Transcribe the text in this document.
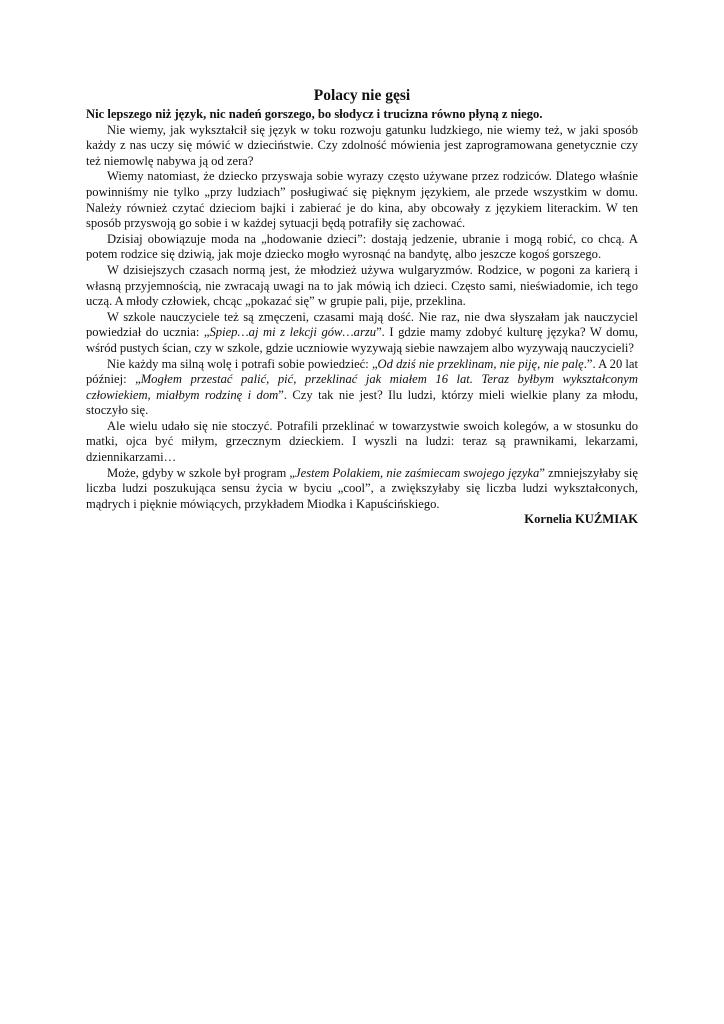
Polacy nie gęsi

Nic lepszego niż język, nic nadeń gorszego, bo słodycz i trucizna równo płyną z niego.

Nie wiemy, jak wykształcił się język w toku rozwoju gatunku ludzkiego, nie wiemy też, w jaki sposób każdy z nas uczy się mówić w dzieciństwie. Czy zdolność mówienia jest zaprogramowana genetycznie czy też niemowlę nabywa ją od zera?

Wiemy natomiast, że dziecko przyswaja sobie wyrazy często używane przez rodziców. Dlatego właśnie powinniśmy nie tylko „przy ludziach” posługiwać się pięknym językiem, ale przede wszystkim w domu. Należy również czytać dzieciom bajki i zabierać je do kina, aby obcowały z językiem literackim. W ten sposób przyswoją go sobie i w każdej sytuacji będą potrafiły się zachować.

Dzisiaj obowiązuje moda na „hodowanie dzieci”: dostają jedzenie, ubranie i mogą robić, co chcą. A potem rodzice się dziwią, jak moje dziecko mogło wyrosnąć na bandytę, albo jeszcze kogoś gorszego.

W dzisiejszych czasach normą jest, że młodzież używa wulgaryzmów. Rodzice, w pogoni za karierą i własną przyjemnością, nie zwracają uwagi na to jak mówią ich dzieci. Często sami, nieświadomie, ich tego uczą. A młody człowiek, chcąc „pokazać się” w grupie pali, pije, przeklina.

W szkole nauczyciele też są zmęczeni, czasami mają dość. Nie raz, nie dwa słyszałam jak nauczyciel powiedział do ucznia: „Spiep…aj mi z lekcji gów…arzu”. I gdzie mamy zdobyć kulturę języka? W domu, wśród pustych ścian, czy w szkole, gdzie uczniowie wyzywają siebie nawzajem albo wyzywają nauczycieli?

Nie każdy ma silną wolę i potrafi sobie powiedzieć: „Od dziś nie przeklinam, nie piję, nie palę.”. A 20 lat później: „Mogłem przestać palić, pić, przeklinać jak miałem 16 lat. Teraz byłbym wykształconym człowiekiem, miałbym rodzinę i dom”. Czy tak nie jest? Ilu ludzi, którzy mieli wielkie plany za młodu, stoczyło się.

Ale wielu udało się nie stoczyć. Potrafili przeklinać w towarzystwie swoich kolegów, a w stosunku do matki, ojca być miłym, grzecznym dzieckiem. I wyszli na ludzi: teraz są prawnikami, lekarzami, dziennikarzami…

Może, gdyby w szkole był program „Jestem Polakiem, nie zaśmiecam swojego języka” zmniejszyłaby się liczba ludzi poszukująca sensu życia w byciu „cool”, a zwiększyłaby się liczba ludzi wykształconych, mądrych i pięknie mówiących, przykładem Miodka i Kapuścińskiego.

Kornelia KUŹMIAK
